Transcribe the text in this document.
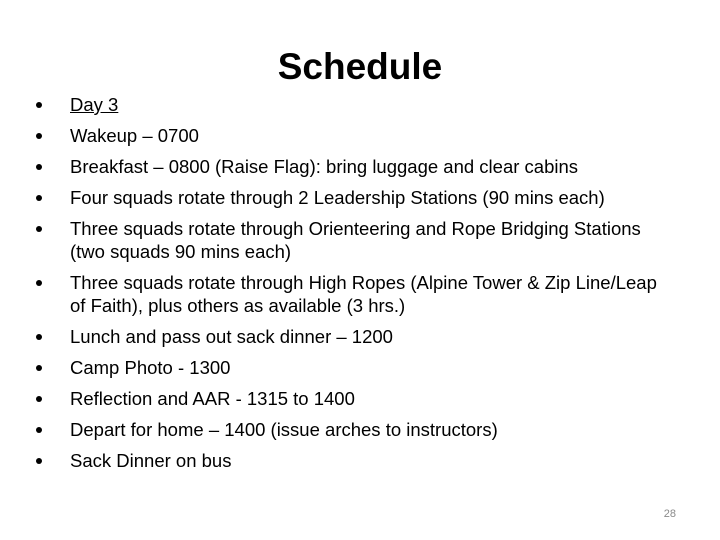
Schedule
Day 3
Wakeup – 0700
Breakfast – 0800 (Raise Flag): bring luggage and clear cabins
Four squads rotate through 2 Leadership Stations (90 mins each)
Three squads rotate through Orienteering and Rope Bridging Stations (two squads 90 mins each)
Three squads rotate through High Ropes (Alpine Tower & Zip Line/Leap of Faith), plus others as available (3 hrs.)
Lunch and pass out sack dinner – 1200
Camp Photo - 1300
Reflection and AAR - 1315 to 1400
Depart for home – 1400 (issue arches to instructors)
Sack Dinner on bus
28
